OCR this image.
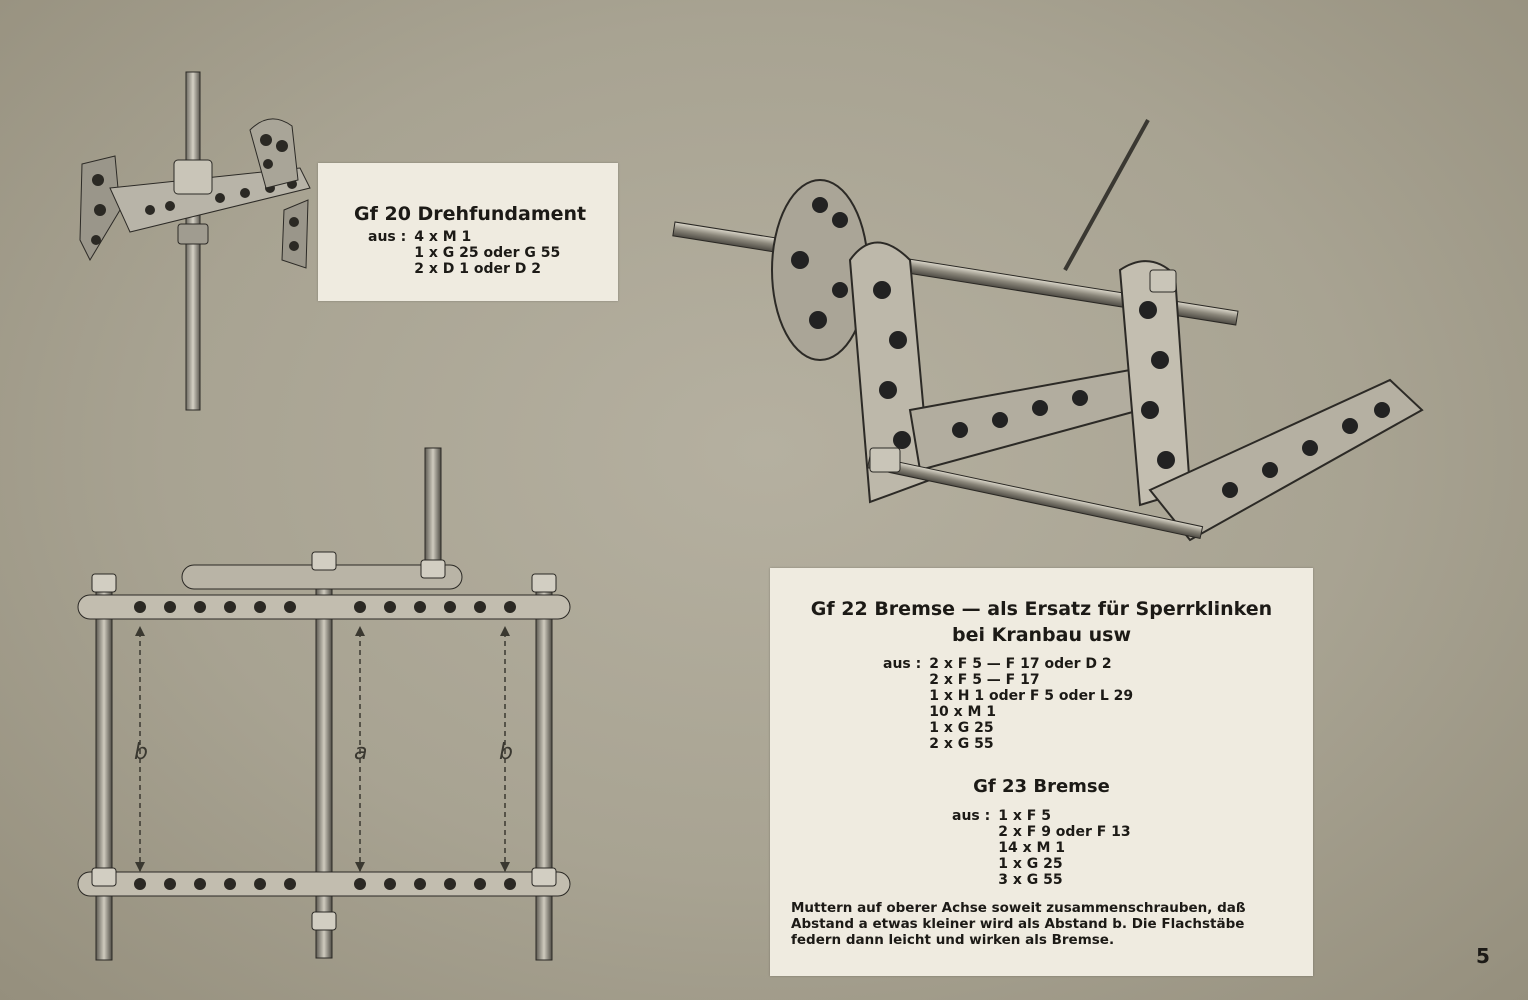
b	a	b
Gf 20 Drehfundament
aus : 4 x M 1
1 x G 25 oder G 55
2 x D 1 oder D 2
Gf 22 Bremse — als Ersatz für Sperrklinken
bei Kranbau usw
aus : 2 x F 5 — F 17 oder D 2
2 x F 5 — F 17
1 x H 1 oder F 5 oder L 29
10 x M 1
1 x G 25
2 x G 55
Gf 23 Bremse
aus : 1 x F 5
2 x F 9 oder F 13
14 x M 1
1 x G 25
3 x G 55
Muttern auf oberer Achse soweit zusammenschrauben, daß Abstand a etwas kleiner wird als Abstand b. Die Flachstäbe federn dann leicht und wirken als Bremse.
5
